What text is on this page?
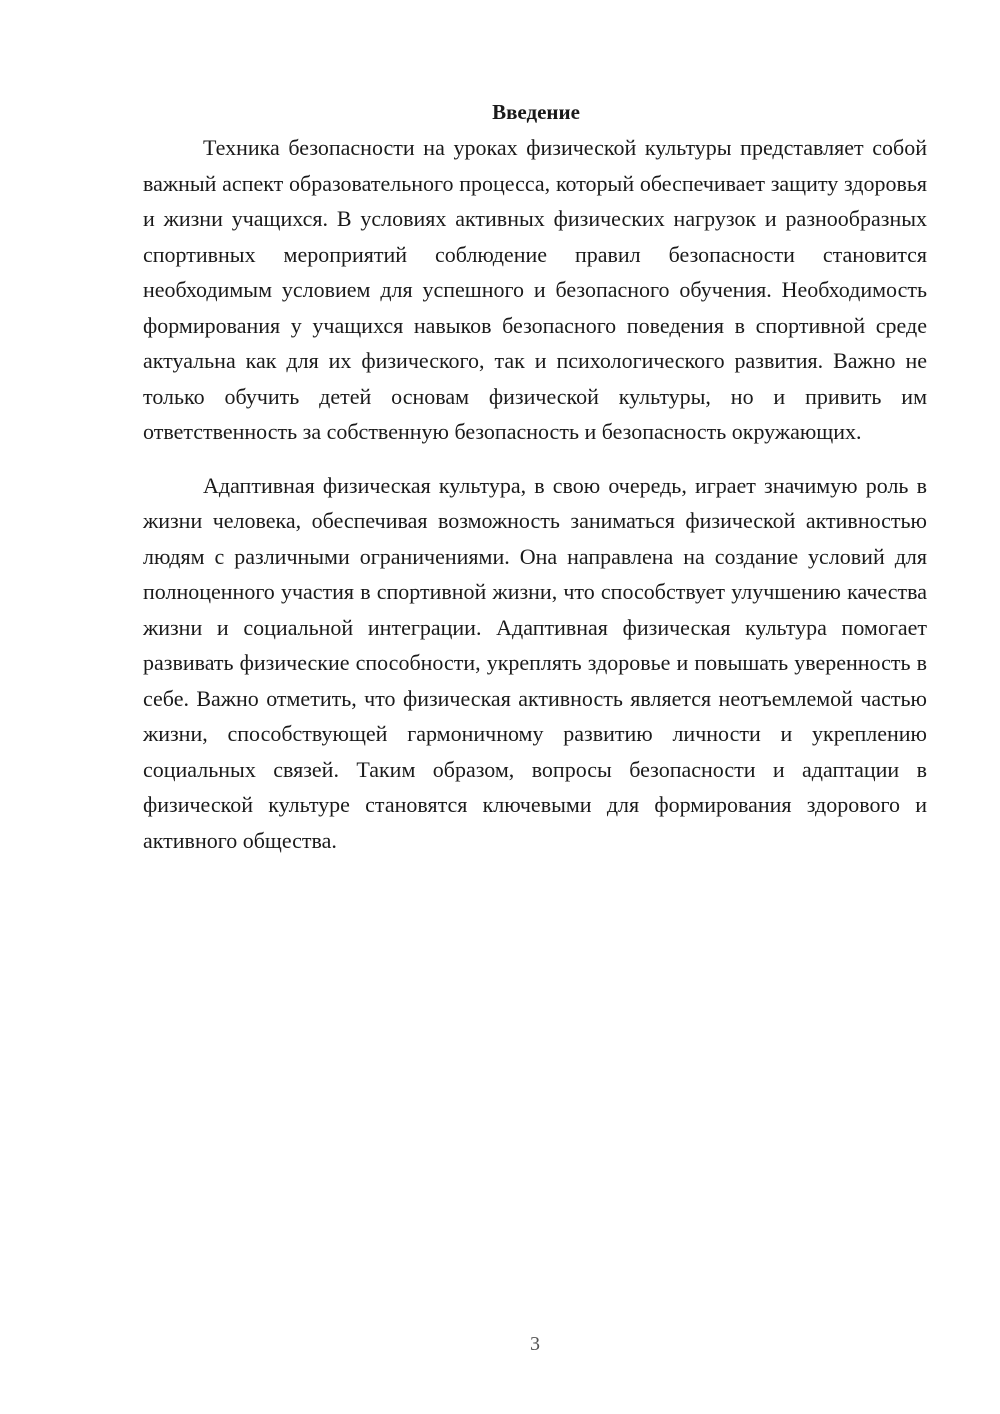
Введение

Техника безопасности на уроках физической культуры представляет собой важный аспект образовательного процесса, который обеспечивает защиту здоровья и жизни учащихся. В условиях активных физических нагрузок и разнообразных спортивных мероприятий соблюдение правил безопасности становится необходимым условием для успешного и безопасного обучения. Необходимость формирования у учащихся навыков безопасного поведения в спортивной среде актуальна как для их физического, так и психологического развития. Важно не только обучить детей основам физической культуры, но и привить им ответственность за собственную безопасность и безопасность окружающих.

Адаптивная физическая культура, в свою очередь, играет значимую роль в жизни человека, обеспечивая возможность заниматься физической активностью людям с различными ограничениями. Она направлена на создание условий для полноценного участия в спортивной жизни, что способствует улучшению качества жизни и социальной интеграции. Адаптивная физическая культура помогает развивать физические способности, укреплять здоровье и повышать уверенность в себе. Важно отметить, что физическая активность является неотъемлемой частью жизни, способствующей гармоничному развитию личности и укреплению социальных связей. Таким образом, вопросы безопасности и адаптации в физической культуре становятся ключевыми для формирования здорового и активного общества.

3
